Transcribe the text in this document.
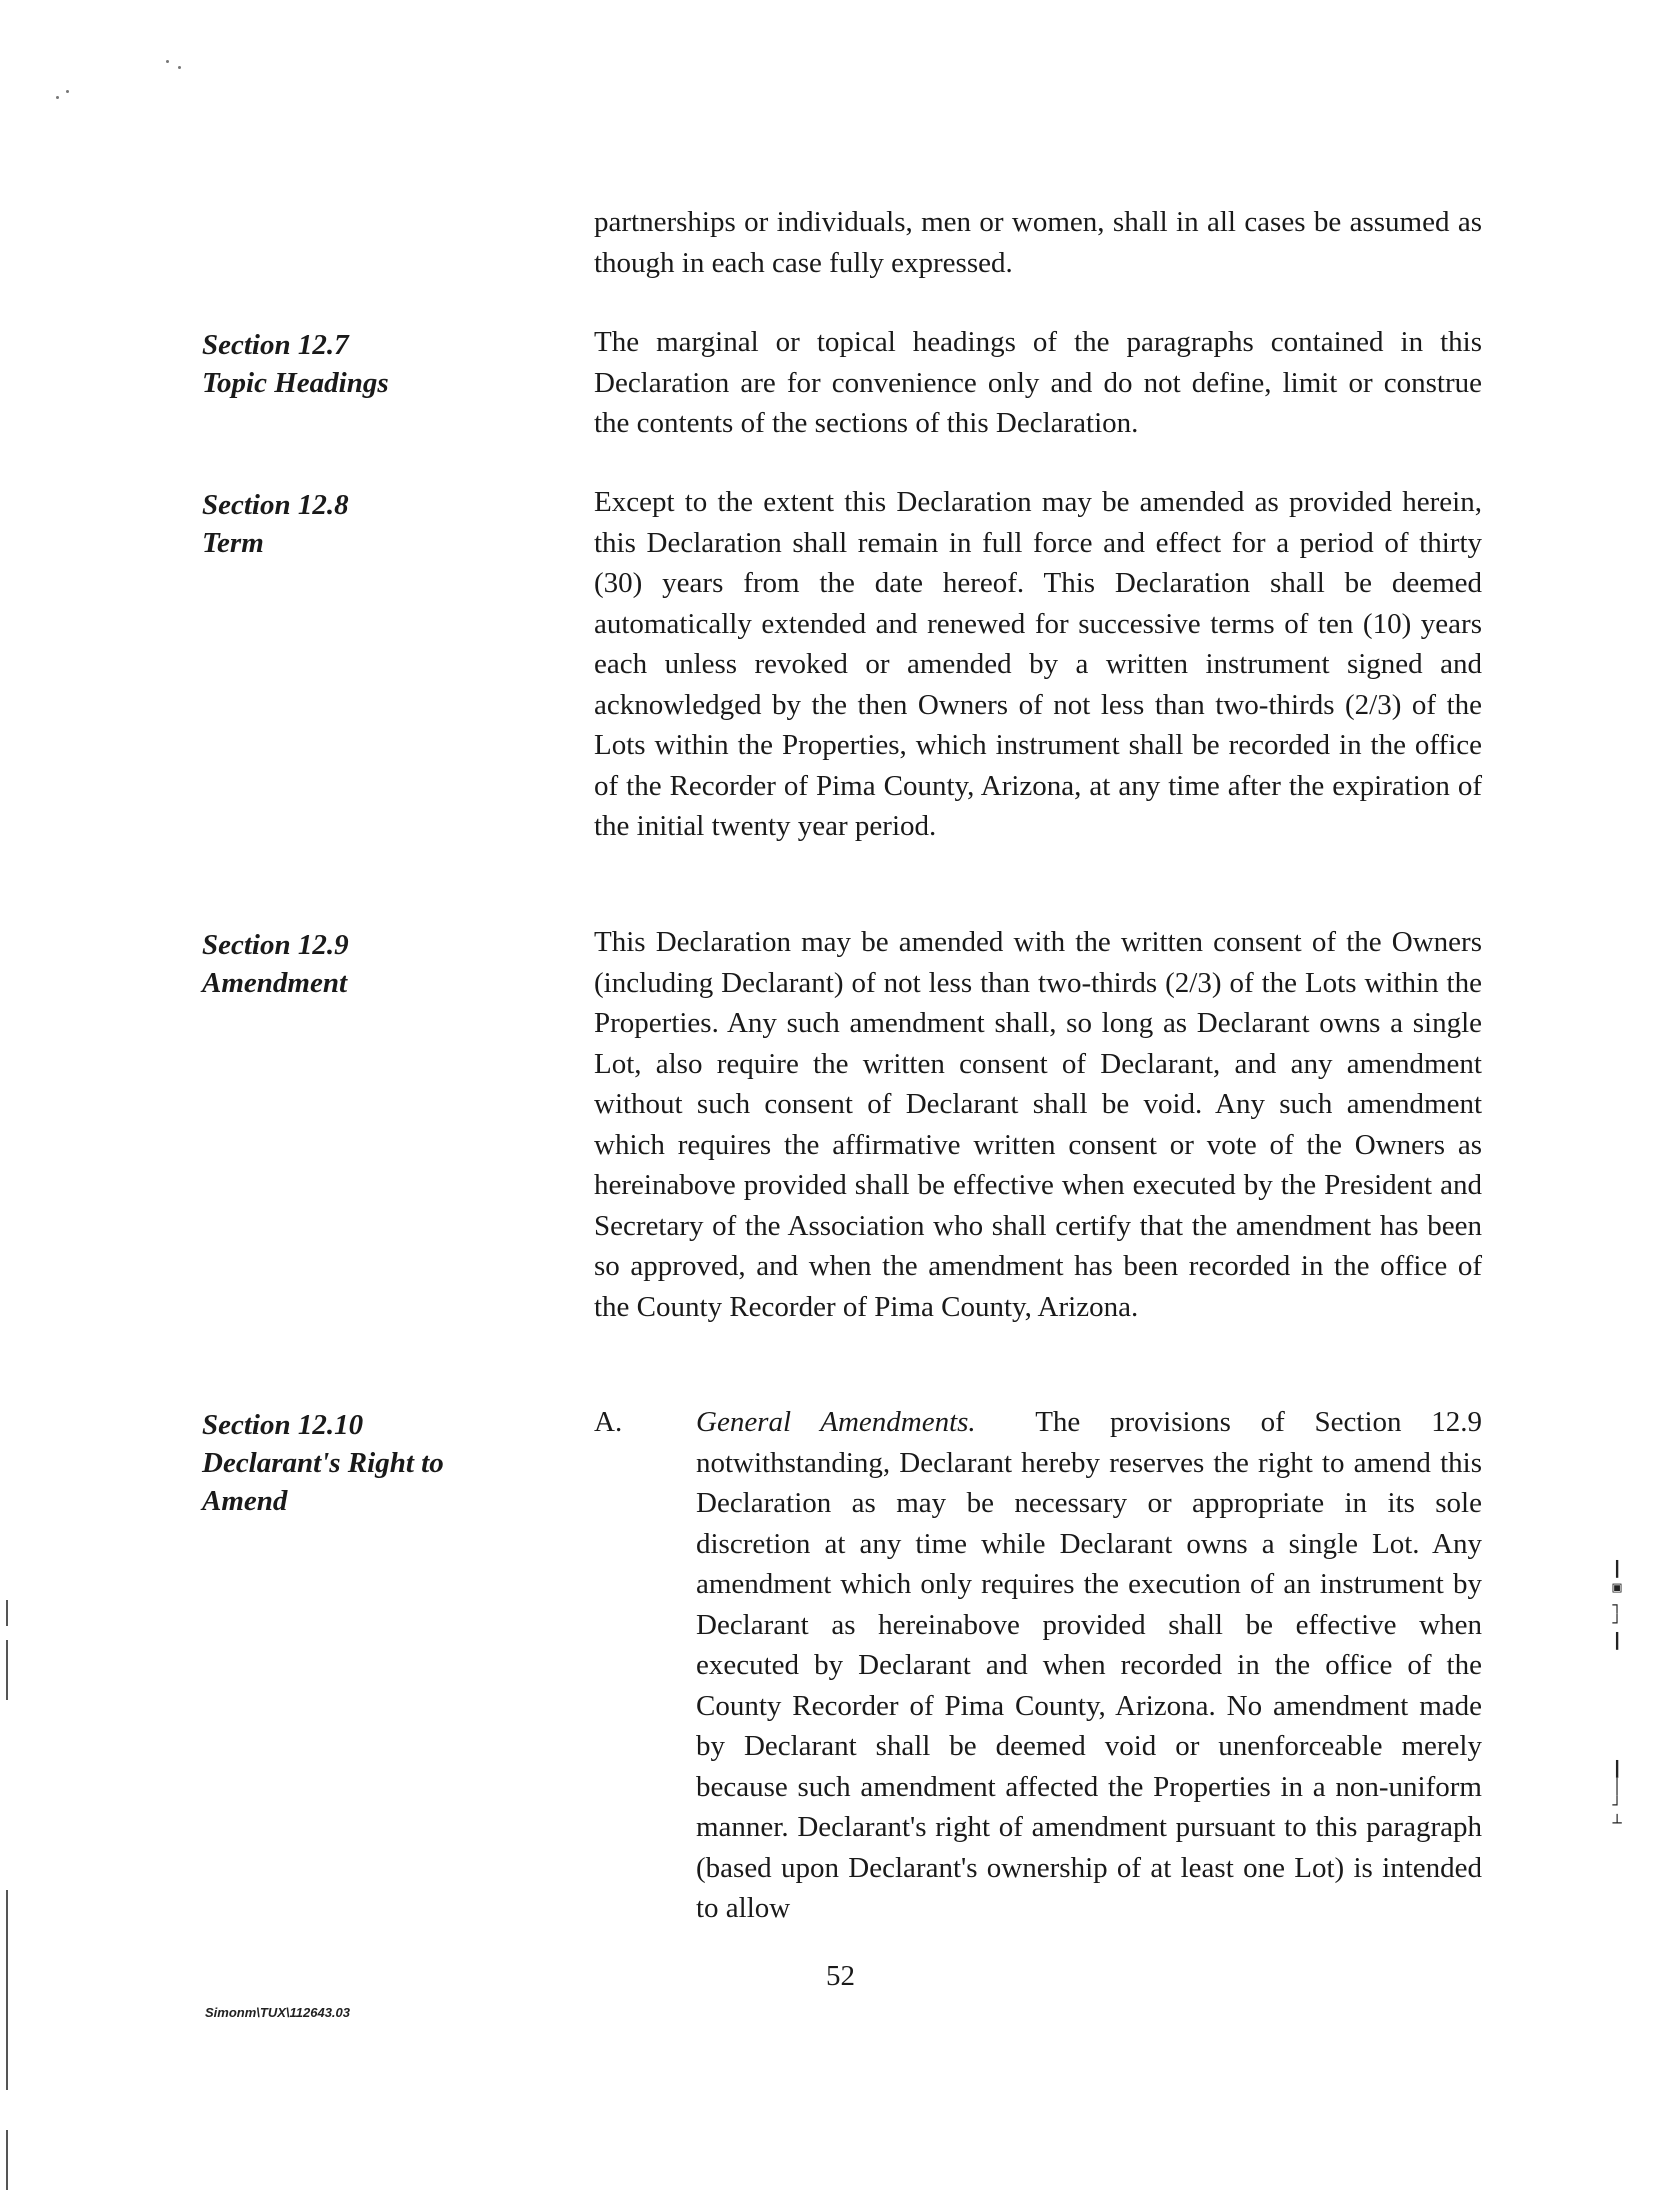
┃
▣
┐
┘
┃
┃
│
┘
┴

partnerships or individuals, men or women, shall in all cases be assumed as though in each case fully expressed.

Section 12.7
Topic Headings

The marginal or topical headings of the paragraphs contained in this Declaration are for convenience only and do not define, limit or construe the contents of the sections of this Declaration.

Section 12.8
Term

Except to the extent this Declaration may be amended as provided herein, this Declaration shall remain in full force and effect for a period of thirty (30) years from the date hereof. This Declaration shall be deemed automatically extended and renewed for successive terms of ten (10) years each unless revoked or amended by a written instrument signed and acknowledged by the then Owners of not less than two-thirds (2/3) of the Lots within the Properties, which instrument shall be recorded in the office of the Recorder of Pima County, Arizona, at any time after the expiration of the initial twenty year period.

Section 12.9
Amendment

This Declaration may be amended with the written consent of the Owners (including Declarant) of not less than two-thirds (2/3) of the Lots within the Properties. Any such amendment shall, so long as Declarant owns a single Lot, also require the written consent of Declarant, and any amendment without such consent of Declarant shall be void. Any such amendment which requires the affirmative written consent or vote of the Owners as hereinabove provided shall be effective when executed by the President and Secretary of the Association who shall certify that the amendment has been so approved, and when the amendment has been recorded in the office of the County Recorder of Pima County, Arizona.

Section 12.10
Declarant's Right to
Amend
A.	General Amendments. The provisions of Section 12.9 notwithstanding, Declarant hereby reserves the right to amend this Declaration as may be necessary or appropriate in its sole discretion at any time while Declarant owns a single Lot. Any amendment which only requires the execution of an instrument by Declarant as hereinabove provided shall be effective when executed by Declarant and when recorded in the office of the County Recorder of Pima County, Arizona. No amendment made by Declarant shall be deemed void or unenforceable merely because such amendment affected the Properties in a non-uniform manner. Declarant's right of amendment pursuant to this paragraph (based upon Declarant's ownership of at least one Lot) is intended to allow

Simonm\TUX\112643.03
52
